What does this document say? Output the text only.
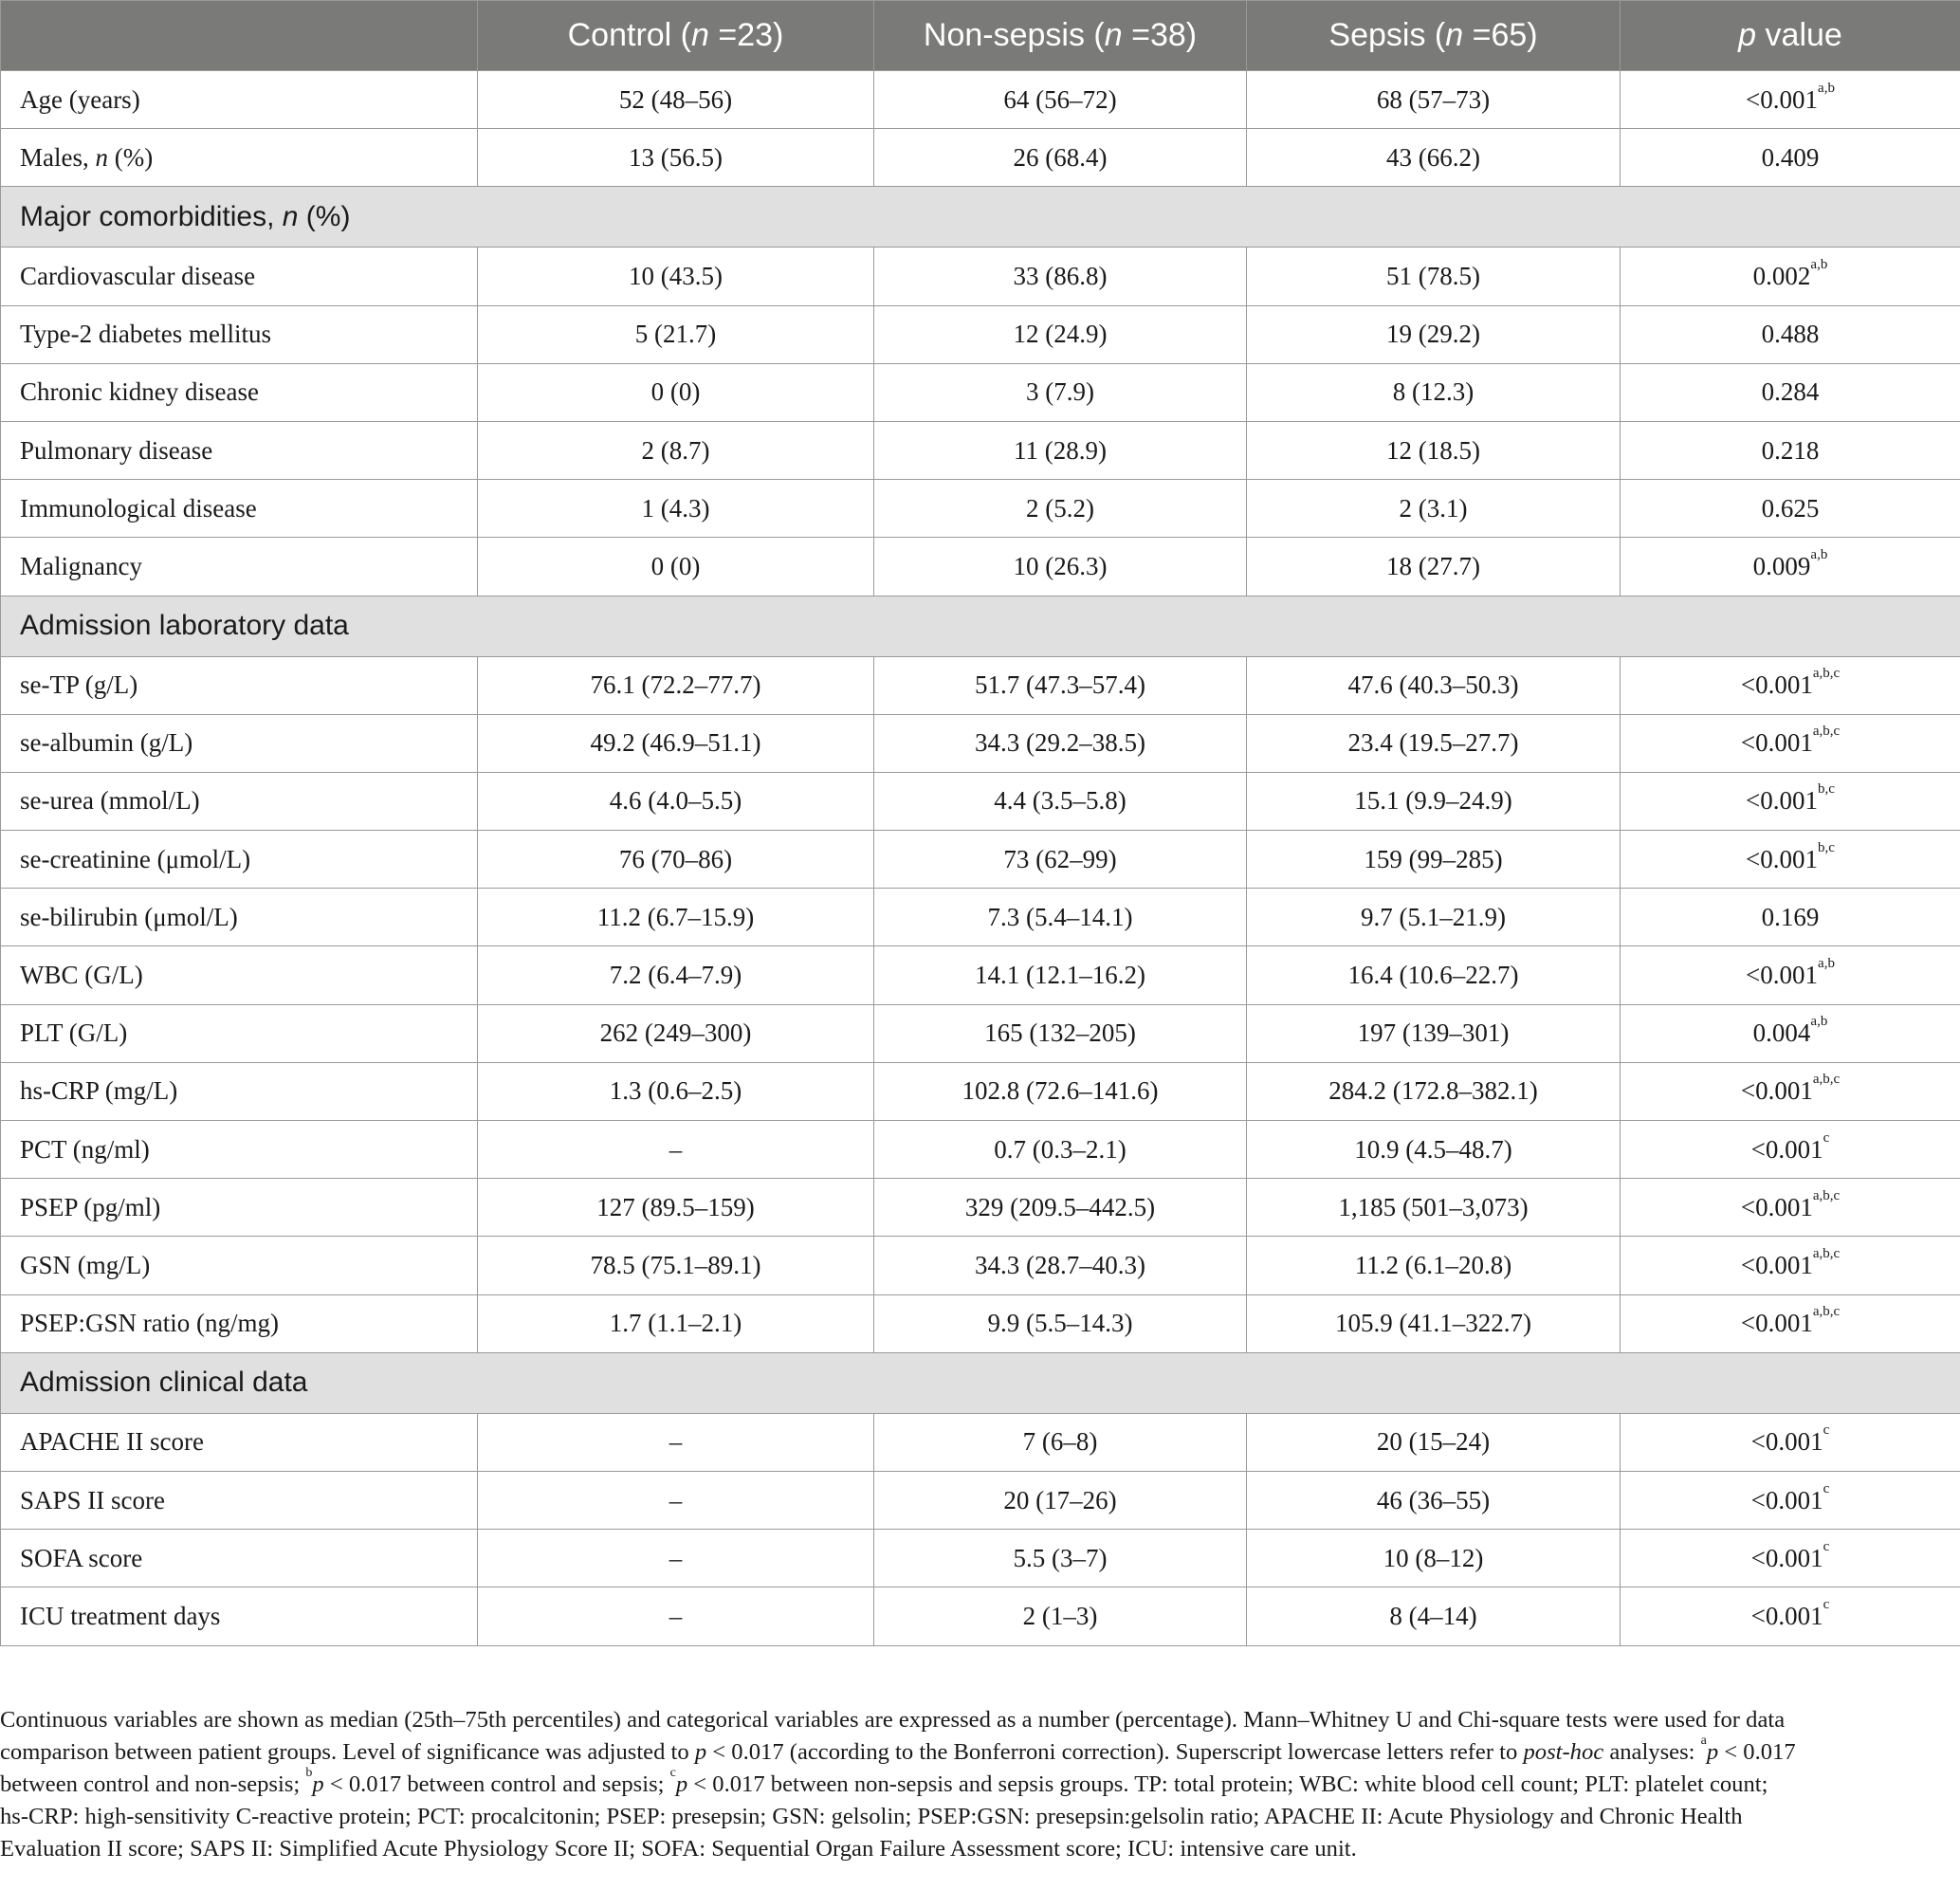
	Control (n =23)	Non-sepsis (n =38)	Sepsis (n =65)	p value
Age (years)	52 (48–56)	64 (56–72)	68 (57–73)	$<0.001^{a,b}$
Males, n (%)	13 (56.5)	26 (68.4)	43 (66.2)	0.409
Major comorbidities, n (%)				
Cardiovascular disease	10 (43.5)	33 (86.8)	51 (78.5)	0.002$^{a,b}$
Type-2 diabetes mellitus	5 (21.7)	12 (24.9)	19 (29.2)	0.488
Chronic kidney disease	0 (0)	3 (7.9)	8 (12.3)	0.284
Pulmonary disease	2 (8.7)	11 (28.9)	12 (18.5)	0.218
Immunological disease	1 (4.3)	2 (5.2)	2 (3.1)	0.625
Malignancy	0 (0)	10 (26.3)	18 (27.7)	0.009$^{a,b}$
Admission laboratory data				
se-TP (g/L)	76.1 (72.2–77.7)	51.7 (47.3–57.4)	47.6 (40.3–50.3)	$<0.001^{a,b,c}$
se-albumin (g/L)	49.2 (46.9–51.1)	34.3 (29.2–38.5)	23.4 (19.5–27.7)	$<0.001^{a,b,c}$
se-urea (mmol/L)	4.6 (4.0–5.5)	4.4 (3.5–5.8)	15.1 (9.9–24.9)	$<0.001^{b,c}$
se-creatinine (μmol/L)	76 (70–86)	73 (62–99)	159 (99–285)	$<0.001^{b,c}$
se-bilirubin (μmol/L)	11.2 (6.7–15.9)	7.3 (5.4–14.1)	9.7 (5.1–21.9)	0.169
WBC (G/L)	7.2 (6.4–7.9)	14.1 (12.1–16.2)	16.4 (10.6–22.7)	$<0.001^{a,b}$
PLT (G/L)	262 (249–300)	165 (132–205)	197 (139–301)	0.004$^{a,b}$
hs-CRP (mg/L)	1.3 (0.6–2.5)	102.8 (72.6–141.6)	284.2 (172.8–382.1)	$<0.001^{a,b,c}$
PCT (ng/ml)	–	0.7 (0.3–2.1)	10.9 (4.5–48.7)	<0.001$^c$
PSEP (pg/ml)	127 (89.5–159)	329 (209.5–442.5)	1,185 (501–3,073)	$<0.001^{a,b,c}$
GSN (mg/L)	78.5 (75.1–89.1)	34.3 (28.7–40.3)	11.2 (6.1–20.8)	$<0.001^{a,b,c}$
PSEP:GSN ratio (ng/mg)	1.7 (1.1–2.1)	9.9 (5.5–14.3)	105.9 (41.1–322.7)	$<0.001^{a,b,c}$
Admission clinical data				
APACHE II score	–	7 (6–8)	20 (15–24)	<0.001$^c$
SAPS II score	–	20 (17–26)	46 (36–55)	<0.001$^c$
SOFA score	–	5.5 (3–7)	10 (8–12)	<0.001$^c$
ICU treatment days	–	2 (1–3)	8 (4–14)	<0.001$^c$
Continuous variables are shown as median (25th–75th percentiles) and categorical variables are expressed as a number (percentage). Mann–Whitney U and Chi-square tests were used for data
comparison between patient groups. Level of significance was adjusted to p < 0.017 (according to the Bonferroni correction). Superscript lowercase letters refer to post-hoc analyses: $^a$p < 0.017
between control and non-sepsis; $^b$p < 0.017 between control and sepsis; $^c$p < 0.017 between non-sepsis and sepsis groups. TP: total protein; WBC: white blood cell count; PLT: platelet count;
hs-CRP: high-sensitivity C-reactive protein; PCT: procalcitonin; PSEP: presepsin; GSN: gelsolin; PSEP:GSN: presepsin:gelsolin ratio; APACHE II: Acute Physiology and Chronic Health
Evaluation II score; SAPS II: Simplified Acute Physiology Score II; SOFA: Sequential Organ Failure Assessment score; ICU: intensive care unit.
